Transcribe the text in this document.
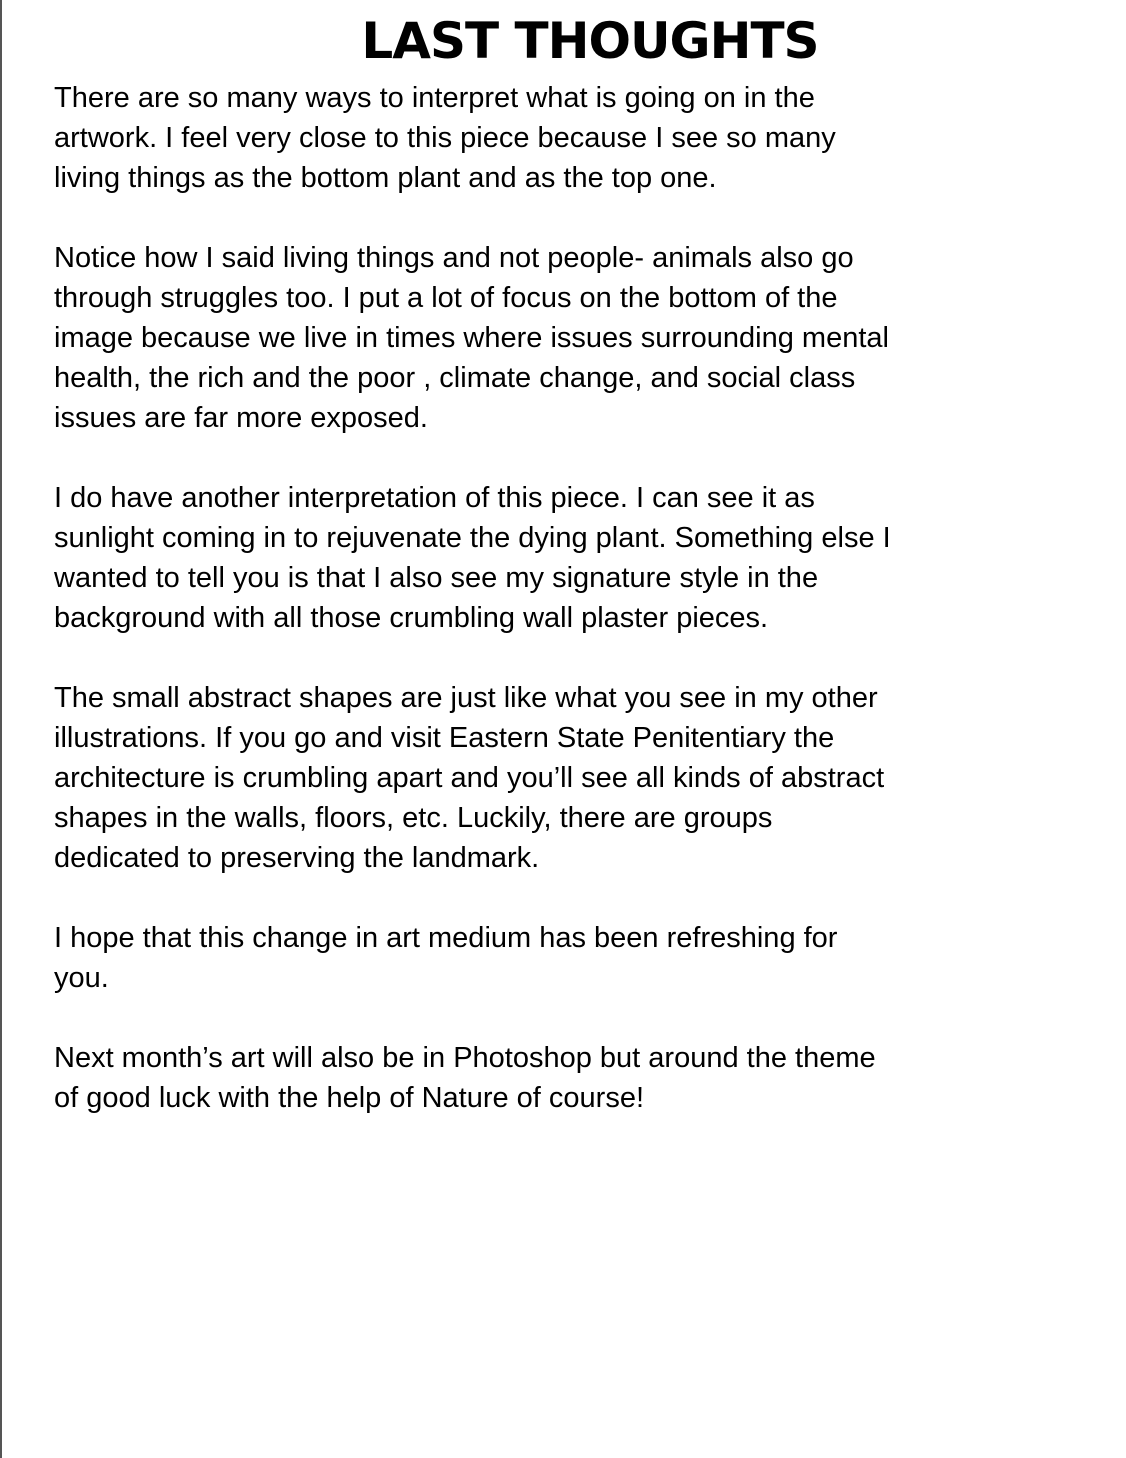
LAST THOUGHTS

There are so many ways to interpret what is going on in the
artwork. I feel very close to this piece because I see so many
living things as the bottom plant and as the top one.

Notice how I said living things and not people- animals also go
through struggles too. I put a lot of focus on the bottom of the
image because we live in times where issues surrounding mental
health, the rich and the poor , climate change, and social class
issues are far more exposed.

I do have another interpretation of this piece. I can see it as
sunlight coming in to rejuvenate the dying plant. Something else I
wanted to tell you is that I also see my signature style in the
background with all those crumbling wall plaster pieces.

The small abstract shapes are just like what you see in my other
illustrations. If you go and visit Eastern State Penitentiary the
architecture is crumbling apart and you’ll see all kinds of abstract
shapes in the walls, floors, etc. Luckily, there are groups
dedicated to preserving the landmark.

I hope that this change in art medium has been refreshing for
you.

Next month’s art will also be in Photoshop but around the theme
of good luck with the help of Nature of course!
